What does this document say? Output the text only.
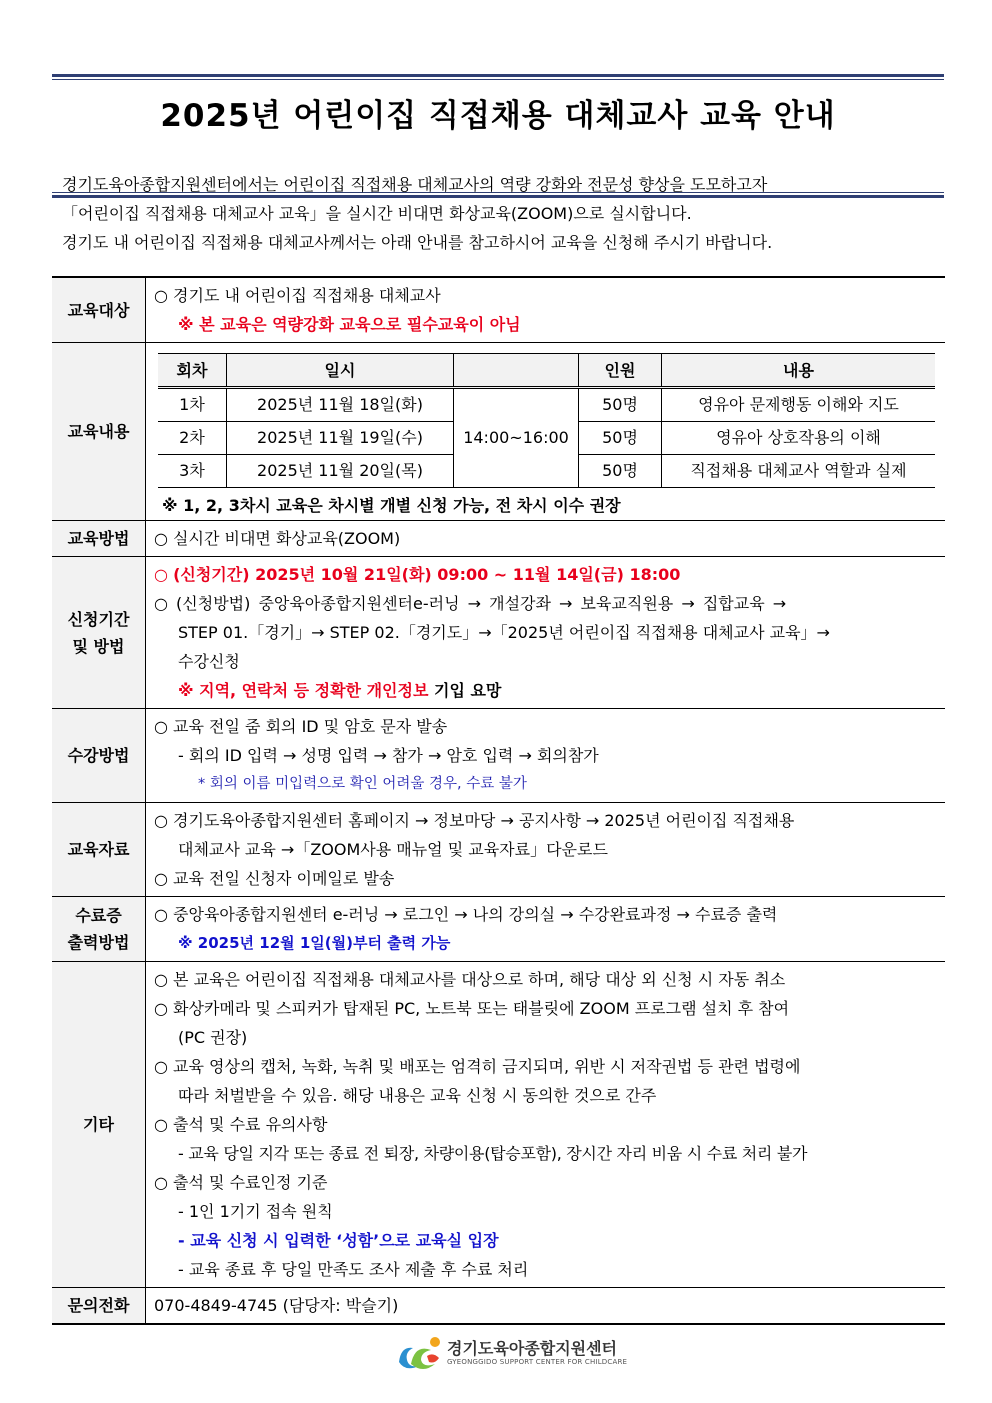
2025년 어린이집 직접채용 대체교사 교육 안내
경기도육아종합지원센터에서는 어린이집 직접채용 대체교사의 역량 강화와 전문성 향상을 도모하고자
「어린이집 직접채용 대체교사 교육」을 실시간 비대면 화상교육(ZOOM)으로 실시합니다.
경기도 내 어린이집 직접채용 대체교사께서는 아래 안내를 참고하시어 교육을 신청해 주시기 바랍니다.
교육대상	
○ 경기도 내 어린이집 직접채용 대체교사
※ 본 교육은 역량강화 교육으로 필수교육이 아님

교육내용	
회차	일시		인원	내용
1차	2025년 11월 18일(화)	14:00~16:00	50명	영유아 문제행동 이해와 지도
2차	2025년 11월 19일(수)	50명	영유아 상호작용의 이해
3차	2025년 11월 20일(목)	50명	직접채용 대체교사 역할과 실제
※ 1, 2, 3차시 교육은 차시별 개별 신청 가능, 전 차시 이수 권장

교육방법	○ 실시간 비대면 화상교육(ZOOM)

신청기간
및 방법

○ (신청기간) 2025년 10월 21일(화) 09:00 ~ 11월 14일(금) 18:00
○ (신청방법) 중앙육아종합지원센터e-러닝 → 개설강좌 → 보육교직원용 → 집합교육 →
STEP 01.「경기」→ STEP 02.「경기도」→「2025년 어린이집 직접채용 대체교사 교육」→
수강신청
※ 지역, 연락처 등 정확한 개인정보 기입 요망

수강방법	
○ 교육 전일 줌 회의 ID 및 암호 문자 발송
- 회의 ID 입력 → 성명 입력 → 참가 → 암호 입력 → 회의참가
* 회의 이름 미입력으로 확인 어려울 경우, 수료 불가

교육자료	
○ 경기도육아종합지원센터 홈페이지 → 정보마당 → 공지사항 → 2025년 어린이집 직접채용
대체교사 교육 →「ZOOM사용 매뉴얼 및 교육자료」다운로드
○ 교육 전일 신청자 이메일로 발송

수료증
출력방법

○ 중앙육아종합지원센터 e-러닝 → 로그인 → 나의 강의실 → 수강완료과정 → 수료증 출력
※ 2025년 12월 1일(월)부터 출력 가능

기타	
○ 본 교육은 어린이집 직접채용 대체교사를 대상으로 하며, 해당 대상 외 신청 시 자동 취소
○ 화상카메라 및 스피커가 탑재된 PC, 노트북 또는 태블릿에 ZOOM 프로그램 설치 후 참여
(PC 권장)
○ 교육 영상의 캡처, 녹화, 녹취 및 배포는 엄격히 금지되며, 위반 시 저작권법 등 관련 법령에
따라 처벌받을 수 있음. 해당 내용은 교육 신청 시 동의한 것으로 간주
○ 출석 및 수료 유의사항
- 교육 당일 지각 또는 종료 전 퇴장, 차량이용(탑승포함), 장시간 자리 비움 시 수료 처리 불가
○ 출석 및 수료인정 기준
- 1인 1기기 접속 원칙
- 교육 신청 시 입력한 ‘성함’으로 교육실 입장
- 교육 종료 후 당일 만족도 조사 제출 후 수료 처리

문의전화	070-4849-4745 (담당자: 박슬기)
경기도육아종합지원센터
GYEONGGIDO SUPPORT CENTER FOR CHILDCARE
